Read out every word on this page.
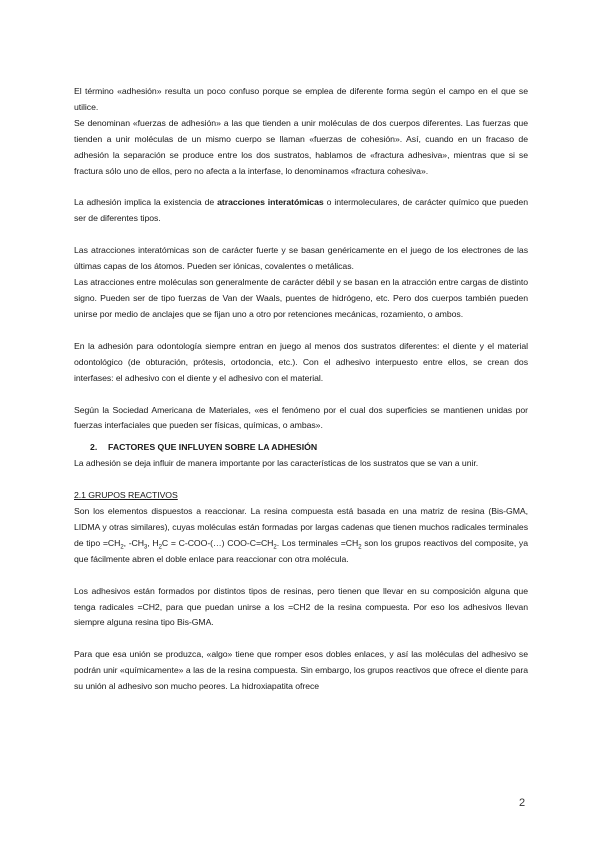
El término «adhesión» resulta un poco confuso porque se emplea de diferente forma según el campo en el que se utilice.

Se denominan «fuerzas de adhesión» a las que tienden a unir moléculas de dos cuerpos diferentes. Las fuerzas que tienden a unir moléculas de un mismo cuerpo se llaman «fuerzas de cohesión». Así, cuando en un fracaso de adhesión la separación se produce entre los dos sustratos, hablamos de «fractura adhesiva», mientras que si se fractura sólo uno de ellos, pero no afecta a la interfase, lo denominamos «fractura cohesiva».

La adhesión implica la existencia de atracciones interatómicas o intermoleculares, de carácter químico que pueden ser de diferentes tipos.

Las atracciones interatómicas son de carácter fuerte y se basan genéricamente en el juego de los electrones de las últimas capas de los átomos. Pueden ser iónicas, covalentes o metálicas.

Las atracciones entre moléculas son generalmente de carácter débil y se basan en la atracción entre cargas de distinto signo. Pueden ser de tipo fuerzas de Van der Waals, puentes de hidrógeno, etc. Pero dos cuerpos también pueden unirse por medio de anclajes que se fijan uno a otro por retenciones mecánicas, rozamiento, o ambos.

En la adhesión para odontología siempre entran en juego al menos dos sustratos diferentes: el diente y el material odontológico (de obturación, prótesis, ortodoncia, etc.). Con el adhesivo interpuesto entre ellos, se crean dos interfases: el adhesivo con el diente y el adhesivo con el material.

Según la Sociedad Americana de Materiales, «es el fenómeno por el cual dos superficies se mantienen unidas por fuerzas interfaciales que pueden ser físicas, químicas, o ambas».

2. FACTORES QUE INFLUYEN SOBRE LA ADHESIÓN

La adhesión se deja influir de manera importante por las características de los sustratos que se van a unir.

2.1 GRUPOS REACTIVOS

Son los elementos dispuestos a reaccionar. La resina compuesta está basada en una matriz de resina (Bis-GMA, LIDMA y otras similares), cuyas moléculas están formadas por largas cadenas que tienen muchos radicales terminales de tipo $=CH_2$, $-CH_3$, $H_2C$ = C-COO-(…) COO-$C=CH_2$. Los terminales $=CH_2$ son los grupos reactivos del composite, ya que fácilmente abren el doble enlace para reaccionar con otra molécula.

Los adhesivos están formados por distintos tipos de resinas, pero tienen que llevar en su composición alguna que tenga radicales =CH2, para que puedan unirse a los =CH2 de la resina compuesta. Por eso los adhesivos llevan siempre alguna resina tipo Bis-GMA.

Para que esa unión se produzca, «algo» tiene que romper esos dobles enlaces, y así las moléculas del adhesivo se podrán unir «químicamente» a las de la resina compuesta. Sin embargo, los grupos reactivos que ofrece el diente para su unión al adhesivo son mucho peores. La hidroxiapatita ofrece

2
